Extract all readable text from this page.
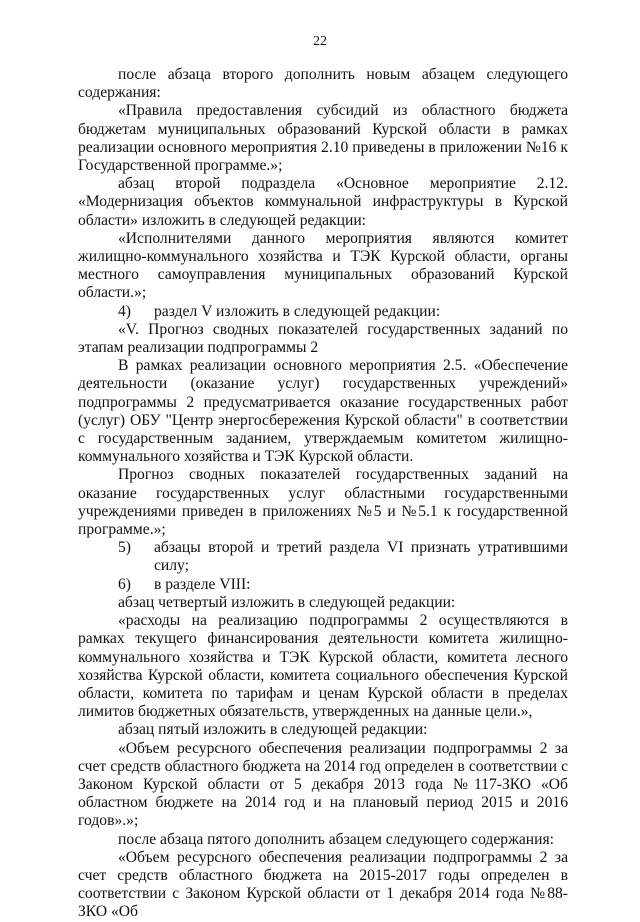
22

после абзаца второго дополнить новым абзацем следующего содержания:

«Правила предоставления субсидий из областного бюджета бюджетам муниципальных образований Курской области в рамках реализации основного мероприятия 2.10 приведены в приложении №16 к Государственной программе.»;

абзац второй подраздела «Основное мероприятие 2.12. «Модернизация объектов коммунальной инфраструктуры в Курской области» изложить в следующей редакции:

«Исполнителями данного мероприятия являются комитет жилищно-коммунального хозяйства и ТЭК Курской области, органы местного самоуправления муниципальных образований Курской области.»;

4)	раздел V изложить в следующей редакции:

«V. Прогноз сводных показателей государственных заданий по этапам реализации подпрограммы 2

В рамках реализации основного мероприятия 2.5. «Обеспечение деятельности (оказание услуг) государственных учреждений» подпрограммы 2 предусматривается оказание государственных работ (услуг) ОБУ "Центр энергосбережения Курской области" в соответствии с государственным заданием, утверждаемым комитетом жилищно-коммунального хозяйства и ТЭК Курской области.

Прогноз сводных показателей государственных заданий на оказание государственных услуг областными государственными учреждениями приведен в приложениях №5 и №5.1 к государственной программе.»;

5)	абзацы второй и третий раздела VI признать утратившими силу;
6)	в разделе VIII:

абзац четвертый изложить в следующей редакции:

«расходы на реализацию подпрограммы 2 осуществляются в рамках текущего финансирования деятельности комитета жилищно-коммунального хозяйства и ТЭК Курской области, комитета лесного хозяйства Курской области, комитета социального обеспечения Курской области, комитета по тарифам и ценам Курской области в пределах лимитов бюджетных обязательств, утвержденных на данные цели.»,

абзац пятый изложить в следующей редакции:

«Объем ресурсного обеспечения реализации подпрограммы 2 за счет средств областного бюджета на 2014 год определен в соответствии с Законом Курской области от 5 декабря 2013 года №117-ЗКО «Об областном бюджете на 2014 год и на плановый период 2015 и 2016 годов».»;

после абзаца пятого дополнить абзацем следующего содержания:

«Объем ресурсного обеспечения реализации подпрограммы 2 за счет средств областного бюджета на 2015-2017 годы определен в соответствии с Законом Курской области от 1 декабря 2014 года №88-ЗКО «Об
